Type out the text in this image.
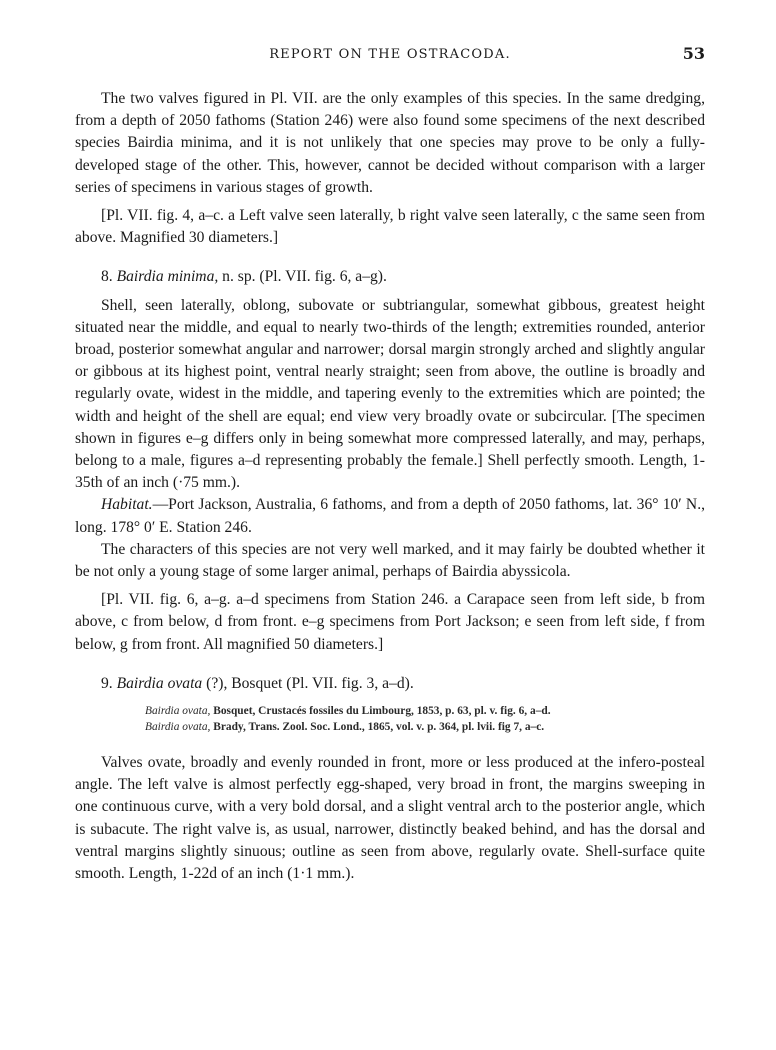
REPORT ON THE OSTRACODA.	53

The two valves figured in Pl. VII. are the only examples of this species. In the same dredging, from a depth of 2050 fathoms (Station 246) were also found some specimens of the next described species Bairdia minima, and it is not unlikely that one species may prove to be only a fully-developed stage of the other. This, however, cannot be decided without comparison with a larger series of specimens in various stages of growth.

[Pl. VII. fig. 4, a–c. a Left valve seen laterally, b right valve seen laterally, c the same seen from above. Magnified 30 diameters.]

8. Bairdia minima, n. sp. (Pl. VII. fig. 6, a–g).

Shell, seen laterally, oblong, subovate or subtriangular, somewhat gibbous, greatest height situated near the middle, and equal to nearly two-thirds of the length; extremities rounded, anterior broad, posterior somewhat angular and narrower; dorsal margin strongly arched and slightly angular or gibbous at its highest point, ventral nearly straight; seen from above, the outline is broadly and regularly ovate, widest in the middle, and tapering evenly to the extremities which are pointed; the width and height of the shell are equal; end view very broadly ovate or subcircular. [The specimen shown in figures e–g differs only in being somewhat more compressed laterally, and may, perhaps, belong to a male, figures a–d representing probably the female.] Shell perfectly smooth. Length, 1-35th of an inch (·75 mm.).

Habitat.—Port Jackson, Australia, 6 fathoms, and from a depth of 2050 fathoms, lat. 36° 10′ N., long. 178° 0′ E. Station 246.

The characters of this species are not very well marked, and it may fairly be doubted whether it be not only a young stage of some larger animal, perhaps of Bairdia abyssicola.

[Pl. VII. fig. 6, a–g. a–d specimens from Station 246. a Carapace seen from left side, b from above, c from below, d from front. e–g specimens from Port Jackson; e seen from left side, f from below, g from front. All magnified 50 diameters.]

9. Bairdia ovata (?), Bosquet (Pl. VII. fig. 3, a–d).

Bairdia ovata, Bosquet, Crustacés fossiles du Limbourg, 1853, p. 63, pl. v. fig. 6, a–d.
Bairdia ovata, Brady, Trans. Zool. Soc. Lond., 1865, vol. v. p. 364, pl. lvii. fig 7, a–c.

Valves ovate, broadly and evenly rounded in front, more or less produced at the infero-posteal angle. The left valve is almost perfectly egg-shaped, very broad in front, the margins sweeping in one continuous curve, with a very bold dorsal, and a slight ventral arch to the posterior angle, which is subacute. The right valve is, as usual, narrower, distinctly beaked behind, and has the dorsal and ventral margins slightly sinuous; outline as seen from above, regularly ovate. Shell-surface quite smooth. Length, 1-22d of an inch (1·1 mm.).
